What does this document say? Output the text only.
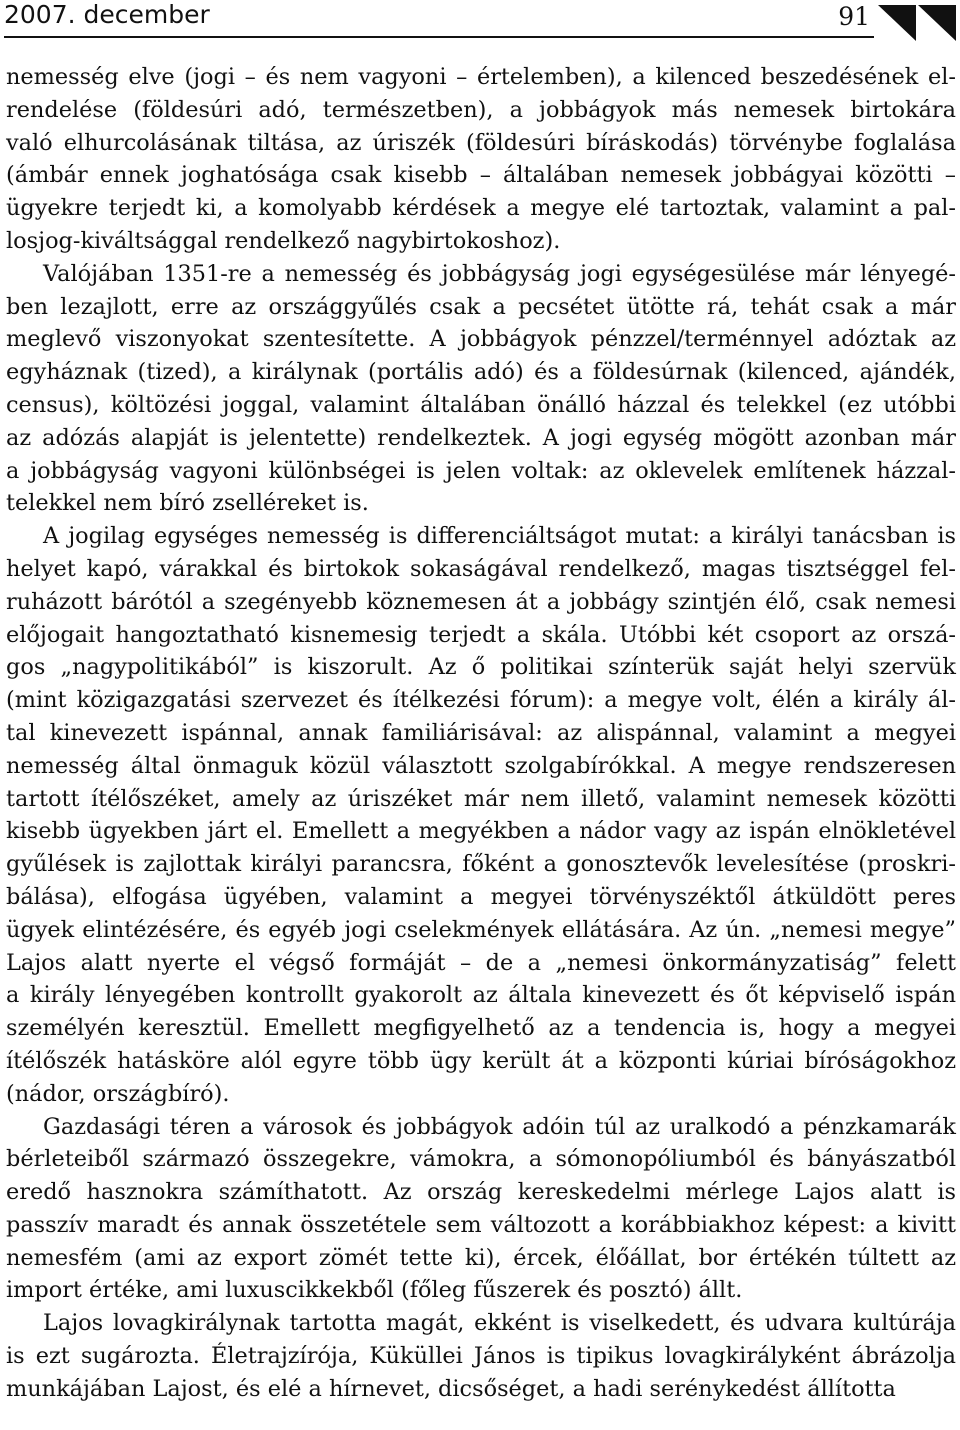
2007. december	91
nemesség elve (jogi – és nem vagyoni – értelemben), a kilenced beszedésének el-
rendelése (földesúri adó, természetben), a jobbágyok más nemesek birtokára
való elhurcolásának tiltása, az úriszék (földesúri bíráskodás) törvénybe foglalása
(ámbár ennek joghatósága csak kisebb – általában nemesek jobbágyai közötti –
ügyekre terjedt ki, a komolyabb kérdések a megye elé tartoztak, valamint a pal-
losjog-kiváltsággal rendelkező nagybirtokoshoz).
Valójában 1351-re a nemesség és jobbágyság jogi egységesülése már lényegé-
ben lezajlott, erre az országgyűlés csak a pecsétet ütötte rá, tehát csak a már
meglevő viszonyokat szentesítette. A jobbágyok pénzzel/terménnyel adóztak az
egyháznak (tized), a királynak (portális adó) és a földesúrnak (kilenced, ajándék,
census), költözési joggal, valamint általában önálló házzal és telekkel (ez utóbbi
az adózás alapját is jelentette) rendelkeztek. A jogi egység mögött azonban már
a jobbágyság vagyoni különbségei is jelen voltak: az oklevelek említenek házzal-
telekkel nem bíró zselléreket is.
A jogilag egységes nemesség is differenciáltságot mutat: a királyi tanácsban is
helyet kapó, várakkal és birtokok sokaságával rendelkező, magas tisztséggel fel-
ruházott bárótól a szegényebb köznemesen át a jobbágy szintjén élő, csak nemesi
előjogait hangoztatható kisnemesig terjedt a skála. Utóbbi két csoport az orszá-
gos „nagypolitikából” is kiszorult. Az ő politikai színterük saját helyi szervük
(mint közigazgatási szervezet és ítélkezési fórum): a megye volt, élén a király ál-
tal kinevezett ispánnal, annak familiárisával: az alispánnal, valamint a megyei
nemesség által önmaguk közül választott szolgabírókkal. A megye rendszeresen
tartott ítélőszéket, amely az úriszéket már nem illető, valamint nemesek közötti
kisebb ügyekben járt el. Emellett a megyékben a nádor vagy az ispán elnökletével
gyűlések is zajlottak királyi parancsra, főként a gonosztevők levelesítése (proskri-
bálása), elfogása ügyében, valamint a megyei törvényszéktől átküldött peres
ügyek elintézésére, és egyéb jogi cselekmények ellátására. Az ún. „nemesi megye”
Lajos alatt nyerte el végső formáját – de a „nemesi önkormányzatiság” felett
a király lényegében kontrollt gyakorolt az általa kinevezett és őt képviselő ispán
személyén keresztül. Emellett megfigyelhető az a tendencia is, hogy a megyei
ítélőszék hatásköre alól egyre több ügy került át a központi kúriai bíróságokhoz
(nádor, országbíró).
Gazdasági téren a városok és jobbágyok adóin túl az uralkodó a pénzkamarák
bérleteiből származó összegekre, vámokra, a sómonopóliumból és bányászatból
eredő hasznokra számíthatott. Az ország kereskedelmi mérlege Lajos alatt is
passzív maradt és annak összetétele sem változott a korábbiakhoz képest: a kivitt
nemesfém (ami az export zömét tette ki), ércek, élőállat, bor értékén túltett az
import értéke, ami luxuscikkekből (főleg fűszerek és posztó) állt.
Lajos lovagkirálynak tartotta magát, ekként is viselkedett, és udvara kultúrája
is ezt sugározta. Életrajzírója, Küküllei János is tipikus lovagkirályként ábrázolja
munkájában Lajost, és elé a hírnevet, dicsőséget, a hadi serénykedést állította
